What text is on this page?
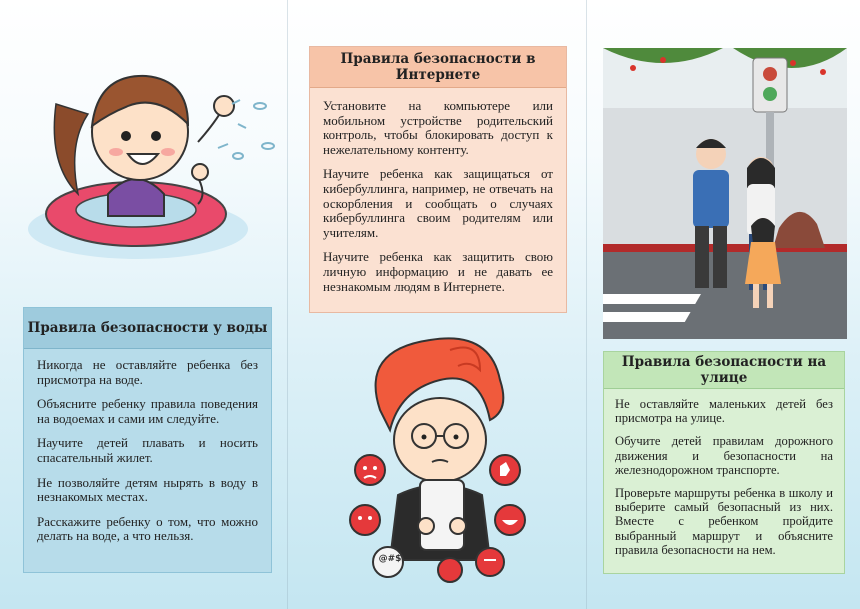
Правила безопасности в Интернете

Установите на компьютере или мобильном устройстве родительский контроль, чтобы блокировать доступ к нежелательному контенту.

Научите ребенка как защищаться от кибербуллинга, например, не отвечать на оскорбления и сообщать о случаях кибербуллинга своим родителям или учителям.

Научите ребенка как защитить свою личную информацию и не давать ее незнакомым людям в Интернете.

Правила безопасности у воды

Никогда не оставляйте ребенка без присмотра на воде.

Объясните ребенку правила поведения на водоемах и сами им следуйте.

Научите детей плавать и носить спасательный жилет.

Не позволяйте детям нырять в воду в незнакомых местах.

Расскажите ребенку о том, что можно делать на воде, а что нельзя.

@#$
Правила безопасности на улице

Не оставляйте маленьких детей без присмотра на улице.

Обучите детей правилам дорожного движения и безопасности на железнодорожном транспорте.

Проверьте маршруты ребенка в школу и выберите самый безопасный из них. Вместе с ребенком пройдите выбранный маршрут и объясните правила безопасности на нем.
